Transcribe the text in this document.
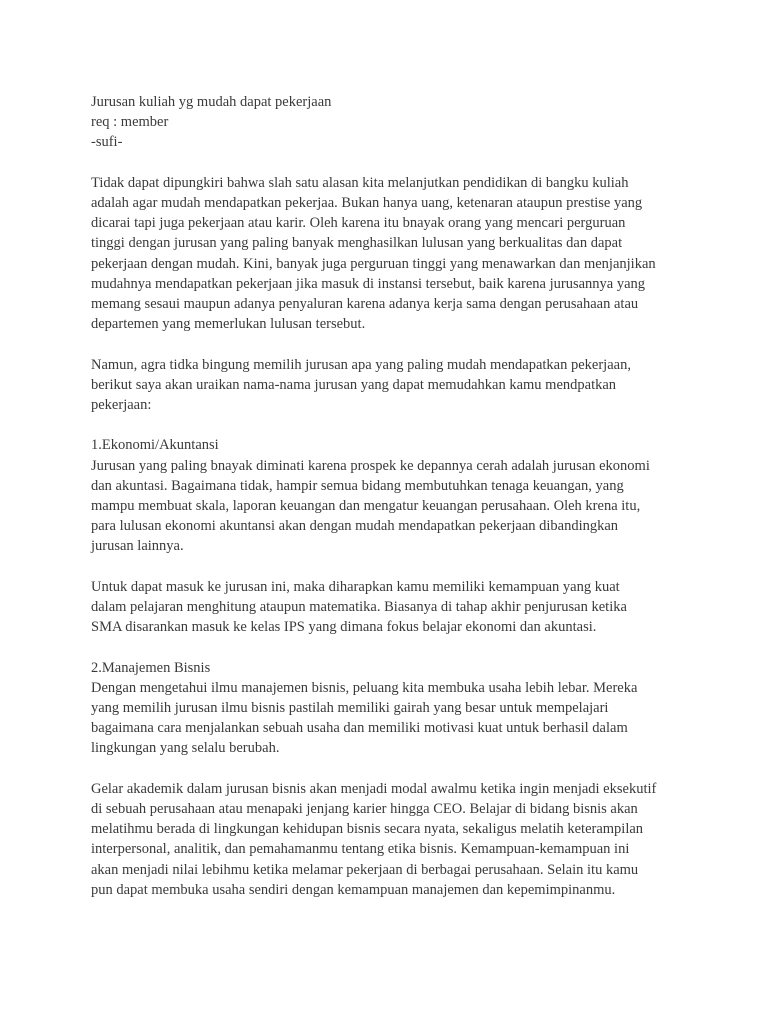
Jurusan kuliah yg mudah dapat pekerjaan
req : member
-sufi-
Tidak dapat dipungkiri bahwa slah satu alasan kita melanjutkan pendidikan di bangku kuliah
adalah agar mudah mendapatkan pekerjaa. Bukan hanya uang, ketenaran ataupun prestise yang
dicarai tapi juga pekerjaan atau karir. Oleh karena itu bnayak orang yang mencari perguruan
tinggi dengan jurusan yang paling banyak menghasilkan lulusan yang berkualitas dan dapat
pekerjaan dengan mudah. Kini, banyak juga perguruan tinggi yang menawarkan dan menjanjikan
mudahnya mendapatkan pekerjaan jika masuk di instansi tersebut, baik karena jurusannya yang
memang sesaui maupun adanya penyaluran karena adanya kerja sama dengan perusahaan atau
departemen yang memerlukan lulusan tersebut.
Namun, agra tidka bingung memilih jurusan apa yang paling mudah mendapatkan pekerjaan,
berikut saya akan uraikan nama-nama jurusan yang dapat memudahkan kamu mendpatkan
pekerjaan:
1.Ekonomi/Akuntansi
Jurusan yang paling bnayak diminati karena prospek ke depannya cerah adalah jurusan ekonomi
dan akuntasi. Bagaimana tidak, hampir semua bidang membutuhkan tenaga keuangan, yang
mampu membuat skala, laporan keuangan dan mengatur keuangan perusahaan. Oleh krena itu,
para lulusan ekonomi akuntansi akan dengan mudah mendapatkan pekerjaan dibandingkan
jurusan lainnya.
Untuk dapat masuk ke jurusan ini, maka diharapkan kamu memiliki kemampuan yang kuat
dalam pelajaran menghitung ataupun matematika. Biasanya di tahap akhir penjurusan ketika
SMA disarankan masuk ke kelas IPS yang dimana fokus belajar ekonomi dan akuntasi.
2.Manajemen Bisnis
Dengan mengetahui ilmu manajemen bisnis, peluang kita membuka usaha lebih lebar. Mereka
yang memilih jurusan ilmu bisnis pastilah memiliki gairah yang besar untuk mempelajari
bagaimana cara menjalankan sebuah usaha dan memiliki motivasi kuat untuk berhasil dalam
lingkungan yang selalu berubah.
Gelar akademik dalam jurusan bisnis akan menjadi modal awalmu ketika ingin menjadi eksekutif
di sebuah perusahaan atau menapaki jenjang karier hingga CEO. Belajar di bidang bisnis akan
melatihmu berada di lingkungan kehidupan bisnis secara nyata, sekaligus melatih keterampilan
interpersonal, analitik, dan pemahamanmu tentang etika bisnis. Kemampuan-kemampuan ini
akan menjadi nilai lebihmu ketika melamar pekerjaan di berbagai perusahaan. Selain itu kamu
pun dapat membuka usaha sendiri dengan kemampuan manajemen dan kepemimpinanmu.
